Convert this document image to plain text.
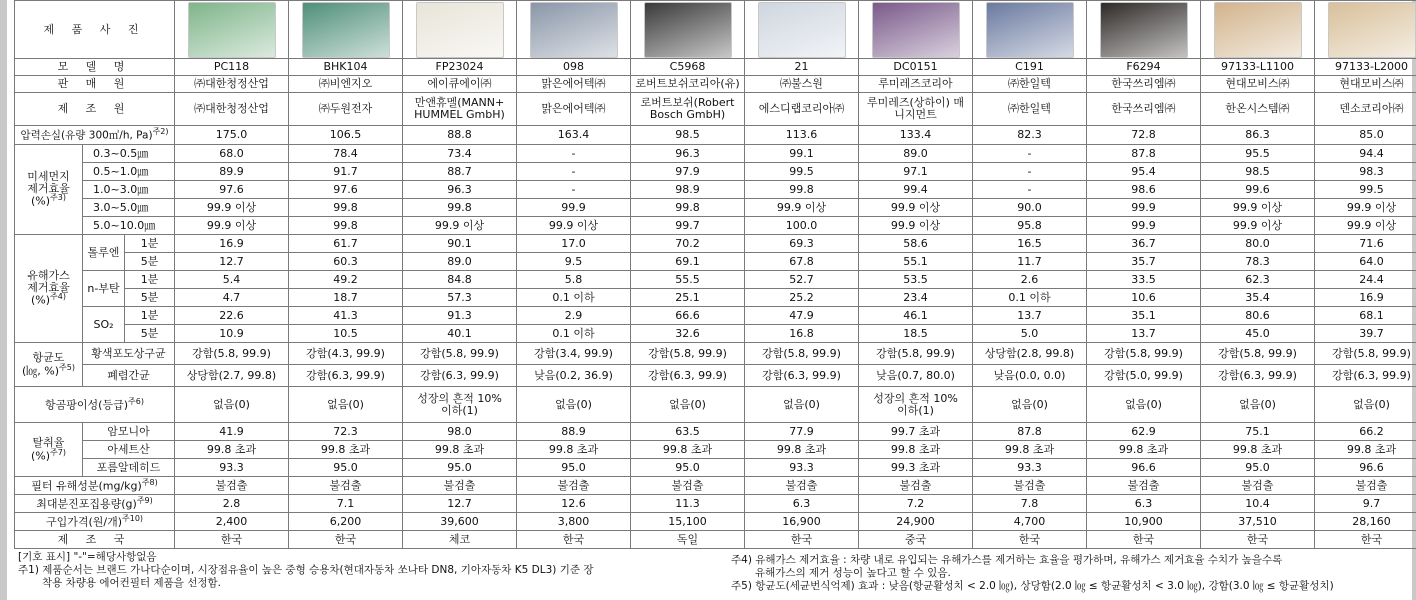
제 품 사 진			

모 델 명			PC118	BHK104	FP23024	098	C5968	21	DC0151	C191	F6294	97133-L1100	97133-L2000
판 매 원			㈜대한청정산업	㈜비엔지오	에이큐에이㈜	맑은에어텍㈜	로버트보쉬코리아(유)	㈜불스원	루미레즈코리아	㈜한일텍	한국쓰리엠㈜	현대모비스㈜	현대모비스㈜
제 조 원			㈜대한청정산업	㈜두원전자	만앤휴멜(MANN+ HUMMEL GmbH)	맑은에어텍㈜	로버트보쉬(Robert Bosch GmbH)	에스디랩코리아㈜	루미레즈(상하이) 매니지먼트	㈜한일텍	한국쓰리엠㈜	한온시스템㈜	덴소코리아㈜
압력손실(유량 300㎥/h, Pa)$^{주2)}$			175.0	106.5	88.8	163.4	98.5	113.6	133.4	82.3	72.8	86.3	85.0
미세먼지
제거효율
(%)$^{주3)}$	0.3~0.5㎛		68.0	78.4	73.4	-	96.3	99.1	89.0	-	87.8	95.5	94.4
	0.5~1.0㎛		89.9	91.7	88.7	-	97.9	99.5	97.1	-	95.4	98.5	98.3
	1.0~3.0㎛		97.6	97.6	96.3	-	98.9	99.8	99.4	-	98.6	99.6	99.5
	3.0~5.0㎛		99.9 이상	99.8	99.8	99.9	99.8	99.9 이상	99.9 이상	90.0	99.9	99.9 이상	99.9 이상
	5.0~10.0㎛		99.9 이상	99.8	99.9 이상	99.9 이상	99.7	100.0	99.9 이상	95.8	99.9	99.9 이상	99.9 이상
유해가스
제거효율
(%)$^{주4)}$	톨루엔	1분	16.9	61.7	90.1	17.0	70.2	69.3	58.6	16.5	36.7	80.0	71.6
		5분	12.7	60.3	89.0	9.5	69.1	67.8	55.1	11.7	35.7	78.3	64.0
	n-부탄	1분	5.4	49.2	84.8	5.8	55.5	52.7	53.5	2.6	33.5	62.3	24.4
		5분	4.7	18.7	57.3	0.1 이하	25.1	25.2	23.4	0.1 이하	10.6	35.4	16.9
	SO₂	1분	22.6	41.3	91.3	2.9	66.6	47.9	46.1	13.7	35.1	80.6	68.1
		5분	10.9	10.5	40.1	0.1 이하	32.6	16.8	18.5	5.0	13.7	45.0	39.7
항균도
(㏒, %)$^{주5)}$	황색포도상구균		강함(5.8, 99.9)	강함(4.3, 99.9)	강함(5.8, 99.9)	강함(3.4, 99.9)	강함(5.8, 99.9)	강함(5.8, 99.9)	강함(5.8, 99.9)	상당함(2.8, 99.8)	강함(5.8, 99.9)	강함(5.8, 99.9)	강함(5.8, 99.9)
	폐렴간균		상당함(2.7, 99.8)	강함(6.3, 99.9)	강함(6.3, 99.9)	낮음(0.2, 36.9)	강함(6.3, 99.9)	강함(6.3, 99.9)	낮음(0.7, 80.0)	낮음(0.0, 0.0)	강함(5.0, 99.9)	강함(6.3, 99.9)	강함(6.3, 99.9)
항곰팡이성(등급)$^{주6)}$			없음(0)	없음(0)	성장의 흔적 10% 이하(1)	없음(0)	없음(0)	없음(0)	성장의 흔적 10% 이하(1)	없음(0)	없음(0)	없음(0)	없음(0)
탈취율
(%)$^{주7)}$	암모니아		41.9	72.3	98.0	88.9	63.5	77.9	99.7 초과	87.8	62.9	75.1	66.2
	아세트산		99.8 초과	99.8 초과	99.8 초과	99.8 초과	99.8 초과	99.8 초과	99.8 초과	99.8 초과	99.8 초과	99.8 초과	99.8 초과
	포름알데히드		93.3	95.0	95.0	95.0	95.0	93.3	99.3 초과	93.3	96.6	95.0	96.6
필터 유해성분$(mg/kg)^{주8)}$			불검출	불검출	불검출	불검출	불검출	불검출	불검출	불검출	불검출	불검출	불검출
최대분진포집용량$(g)^{주9)}$			2.8	7.1	12.7	12.6	11.3	6.3	7.2	7.8	6.3	10.4	9.7
구입가격(원/개)$^{주10)}$			2,400	6,200	39,600	3,800	15,100	16,900	24,900	4,700	10,900	37,510	28,160
제 조 국			한국	한국	체코	한국	독일	한국	중국	한국	한국	한국	한국
[기호 표시] "-"=해당사항없음
주1) 제품순서는 브랜드 가나다순이며, 시장점유율이 높은 중형 승용차(현대자동차 쏘나타 DN8, 기아자동차 K5 DL3) 기준 장
착용 차량용 에어컨필터 제품을 선정함.
주4) 유해가스 제거효율 : 차량 내로 유입되는 유해가스를 제거하는 효율을 평가하며, 유해가스 제거효율 수치가 높을수록
유해가스의 제거 성능이 높다고 할 수 있음.
주5) 항균도(세균번식억제) 효과 : 낮음(항균활성치 < 2.0 ㏒), 상당함(2.0 ㏒ ≤ 항균활성치 < 3.0 ㏒), 강함(3.0 ㏒ ≤ 항균활성치)
